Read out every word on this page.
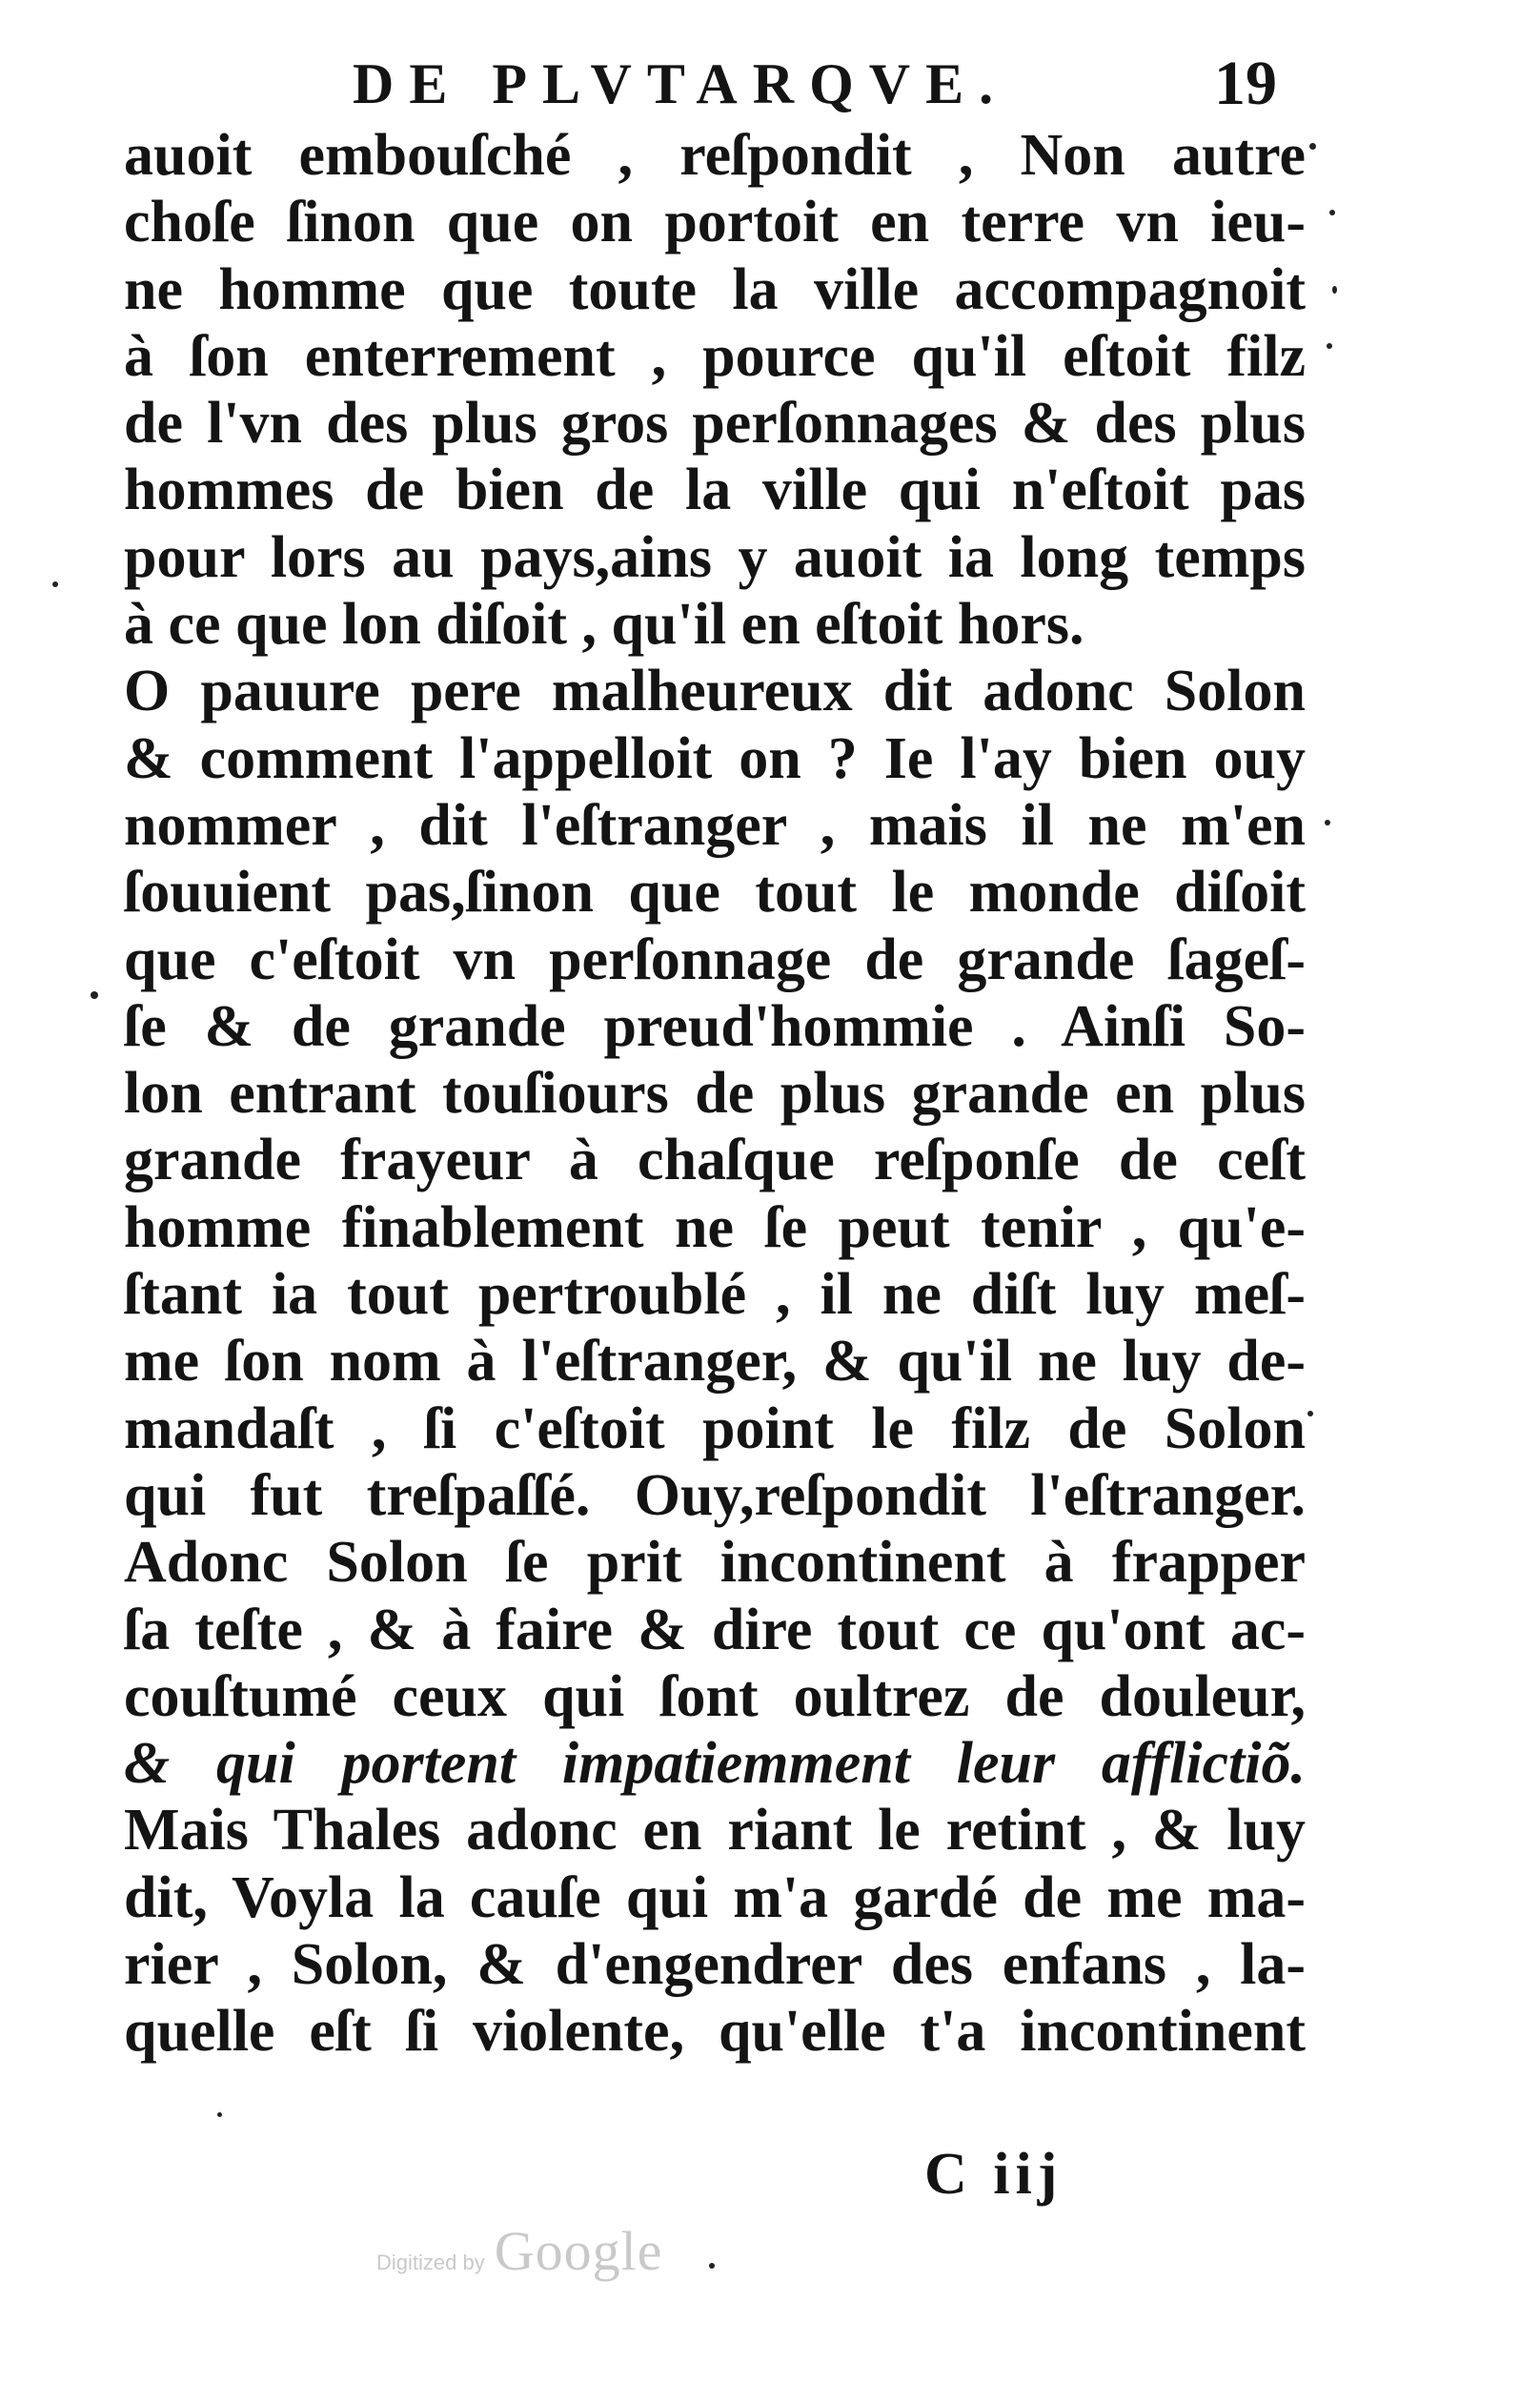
DE PLVTARQVE.	19
auoit embouſché , reſpondit , Non autre
choſe ſinon que on portoit en terre vn ieu-
ne homme que toute la ville accompagnoit
à ſon enterrement , pource qu'il eſtoit filz
de l'vn des plus gros perſonnages & des plus
hommes de bien de la ville qui n'eſtoit pas
pour lors au pays,ains y auoit ia long temps
à ce que lon diſoit , qu'il en eſtoit hors.
O pauure pere malheureux dit adonc Solon
& comment l'appelloit on ? Ie l'ay bien ouy
nommer , dit l'eſtranger , mais il ne m'en
ſouuient pas,ſinon que tout le monde diſoit
que c'eſtoit vn perſonnage de grande ſageſ-
ſe & de grande preud'hommie . Ainſi So-
lon entrant touſiours de plus grande en plus
grande frayeur à chaſque reſponſe de ceſt
homme finablement ne ſe peut tenir , qu'e-
ſtant ia tout pertroublé , il ne diſt luy meſ-
me ſon nom à l'eſtranger, & qu'il ne luy de-
mandaſt , ſi c'eſtoit point le filz de Solon
qui fut treſpaſſé. Ouy,reſpondit l'eſtranger.
Adonc Solon ſe prit incontinent à frapper
ſa teſte , & à faire & dire tout ce qu'ont ac-
couſtumé ceux qui ſont oultrez de douleur,
& qui portent impatiemment leur afflictiõ.
Mais Thales adonc en riant le retint , & luy
dit, Voyla la cauſe qui m'a gardé de me ma-
rier , Solon, & d'engendrer des enfans , la-
quelle eſt ſi violente, qu'elle t'a incontinent
C iij
Digitized by Google
